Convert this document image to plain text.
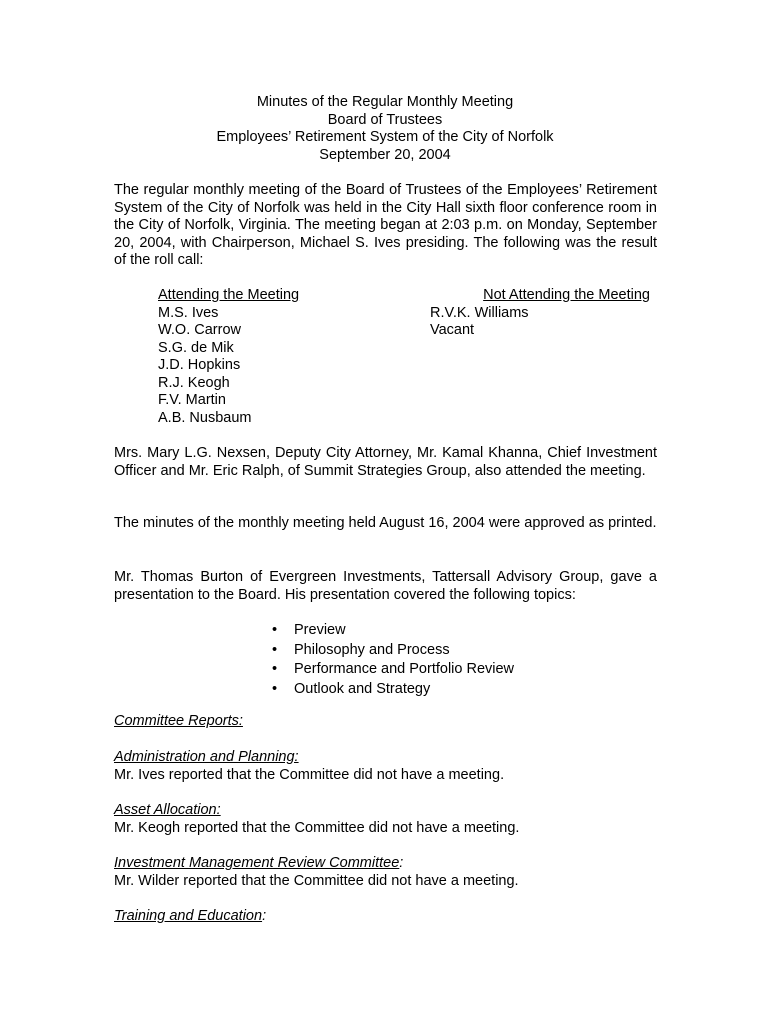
Minutes of the Regular Monthly Meeting
Board of Trustees
Employees’ Retirement System of the City of Norfolk
September 20, 2004
The regular monthly meeting of the Board of Trustees of the Employees’ Retirement System of the City of Norfolk was held in the City Hall sixth floor conference room in the City of Norfolk, Virginia. The meeting began at 2:03 p.m. on Monday, September 20, 2004, with Chairperson, Michael S. Ives presiding. The following was the result of the roll call:
Attending the Meeting
M.S. Ives
W.O. Carrow
S.G. de Mik
J.D. Hopkins
R.J. Keogh
F.V. Martin
A.B. Nusbaum
Not Attending the Meeting
R.V.K. Williams
Vacant
Mrs. Mary L.G. Nexsen, Deputy City Attorney, Mr. Kamal Khanna, Chief Investment Officer and Mr. Eric Ralph, of Summit Strategies Group, also attended the meeting.
The minutes of the monthly meeting held August 16, 2004 were approved as printed.
Mr. Thomas Burton of Evergreen Investments, Tattersall Advisory Group, gave a presentation to the Board. His presentation covered the following topics:
• Preview
• Philosophy and Process
• Performance and Portfolio Review
• Outlook and Strategy
Committee Reports:
Administration and Planning:
Mr. Ives reported that the Committee did not have a meeting.
Asset Allocation:
Mr. Keogh reported that the Committee did not have a meeting.
Investment Management Review Committee:
Mr. Wilder reported that the Committee did not have a meeting.
Training and Education:
